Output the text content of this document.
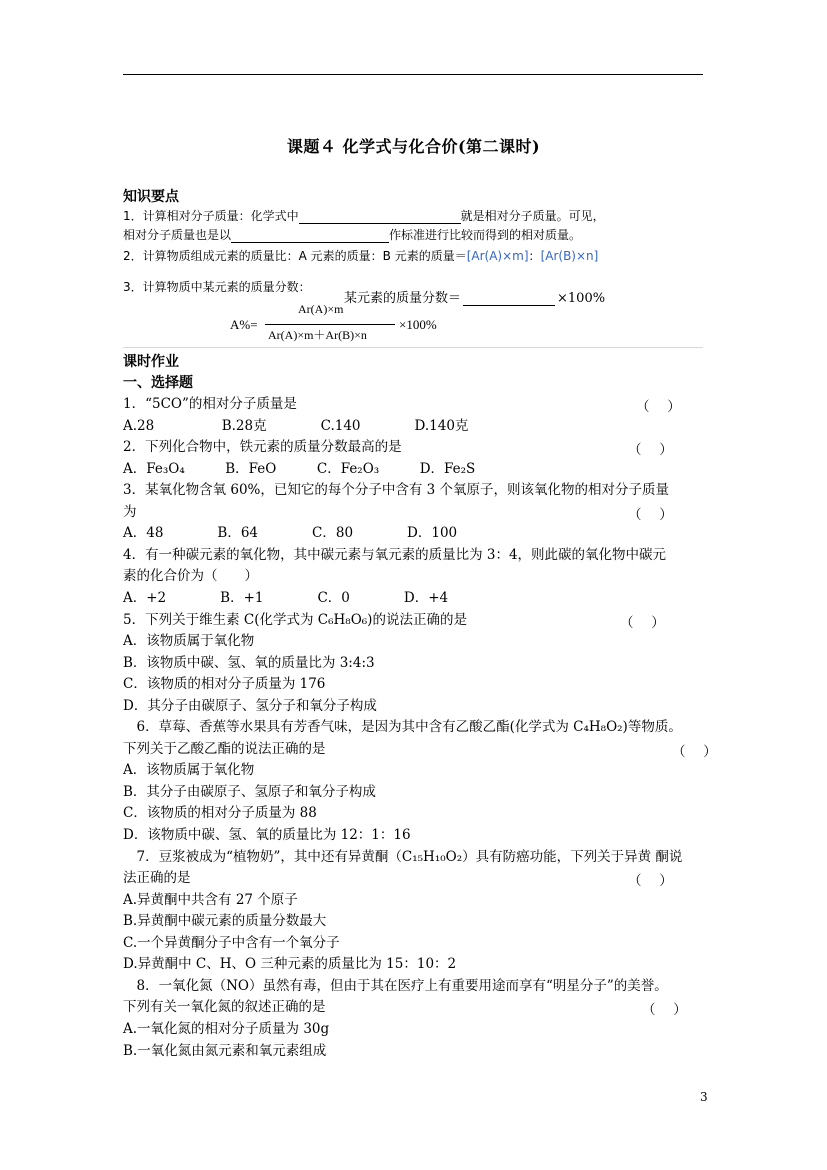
课题４ 化学式与化合价(第二课时)
知识要点
1．计算相对分子质量：化学式中	就是相对分子质量。可见，
相对分子质量也是以	作标准进行比较而得到的相对质量。
2．计算物质组成元素的质量比：A 元素的质量：B 元素的质量＝[Ar(A)×m]：[Ar(B)×n]
3．计算物质中某元素的质量分数：
某元素的质量分数＝	×100%
Ar(A)×m
A%=
Ar(A)×m＋Ar(B)×n
×100%
课时作业
一、选择题
1．“5CO”的相对分子质量是	（　 ）
A.28　　　　　B.28克　　　　C.140　　　　D.140克
2．下列化合物中，铁元素的质量分数最高的是	（　 ）
A．Fe₃O₄　　　B．FeO　　　C．Fe₂O₃　　　D．Fe₂S
3．某氧化物含氧 60%，已知它的每个分子中含有 3 个氧原子，则该氧化物的相对分子质量
为	（　 ）
A．48　　　　B．64　　　　C．80　　　　D．100
4．有一种碳元素的氧化物，其中碳元素与氧元素的质量比为 3：4，则此碳的氧化物中碳元
素的化合价为（　　）
A．+2　　　　B．+1　　　　C．0　　　　D．+4
5．下列关于维生素 C(化学式为 C₆H₈O₆)的说法正确的是	（　 ）
A．该物质属于氧化物
B．该物质中碳、氢、氧的质量比为 3:4:3
C．该物质的相对分子质量为 176
D．其分子由碳原子、氢分子和氧分子构成
　6．草莓、香蕉等水果具有芳香气味，是因为其中含有乙酸乙酯(化学式为 C₄H₈O₂)等物质。
下列关于乙酸乙酯的说法正确的是	（　 ）
A．该物质属于氧化物
B．其分子由碳原子、氢原子和氧分子构成
C．该物质的相对分子质量为 88
D．该物质中碳、氢、氧的质量比为 12：1：16
　7．豆浆被成为“植物奶”，其中还有异黄酮（C₁₅H₁₀O₂）具有防癌功能，下列关于异黄 酮说
法正确的是	（　 ）
A.异黄酮中共含有 27 个原子
B.异黄酮中碳元素的质量分数最大
C.一个异黄酮分子中含有一个氧分子
D.异黄酮中 C、H、O 三种元素的质量比为 15：10：2
　8．一氧化氮（NO）虽然有毒，但由于其在医疗上有重要用途而享有“明星分子”的美誉。
下列有关一氧化氮的叙述正确的是	（　 ）
A.一氧化氮的相对分子质量为 30g
B.一氧化氮由氮元素和氧元素组成
3
